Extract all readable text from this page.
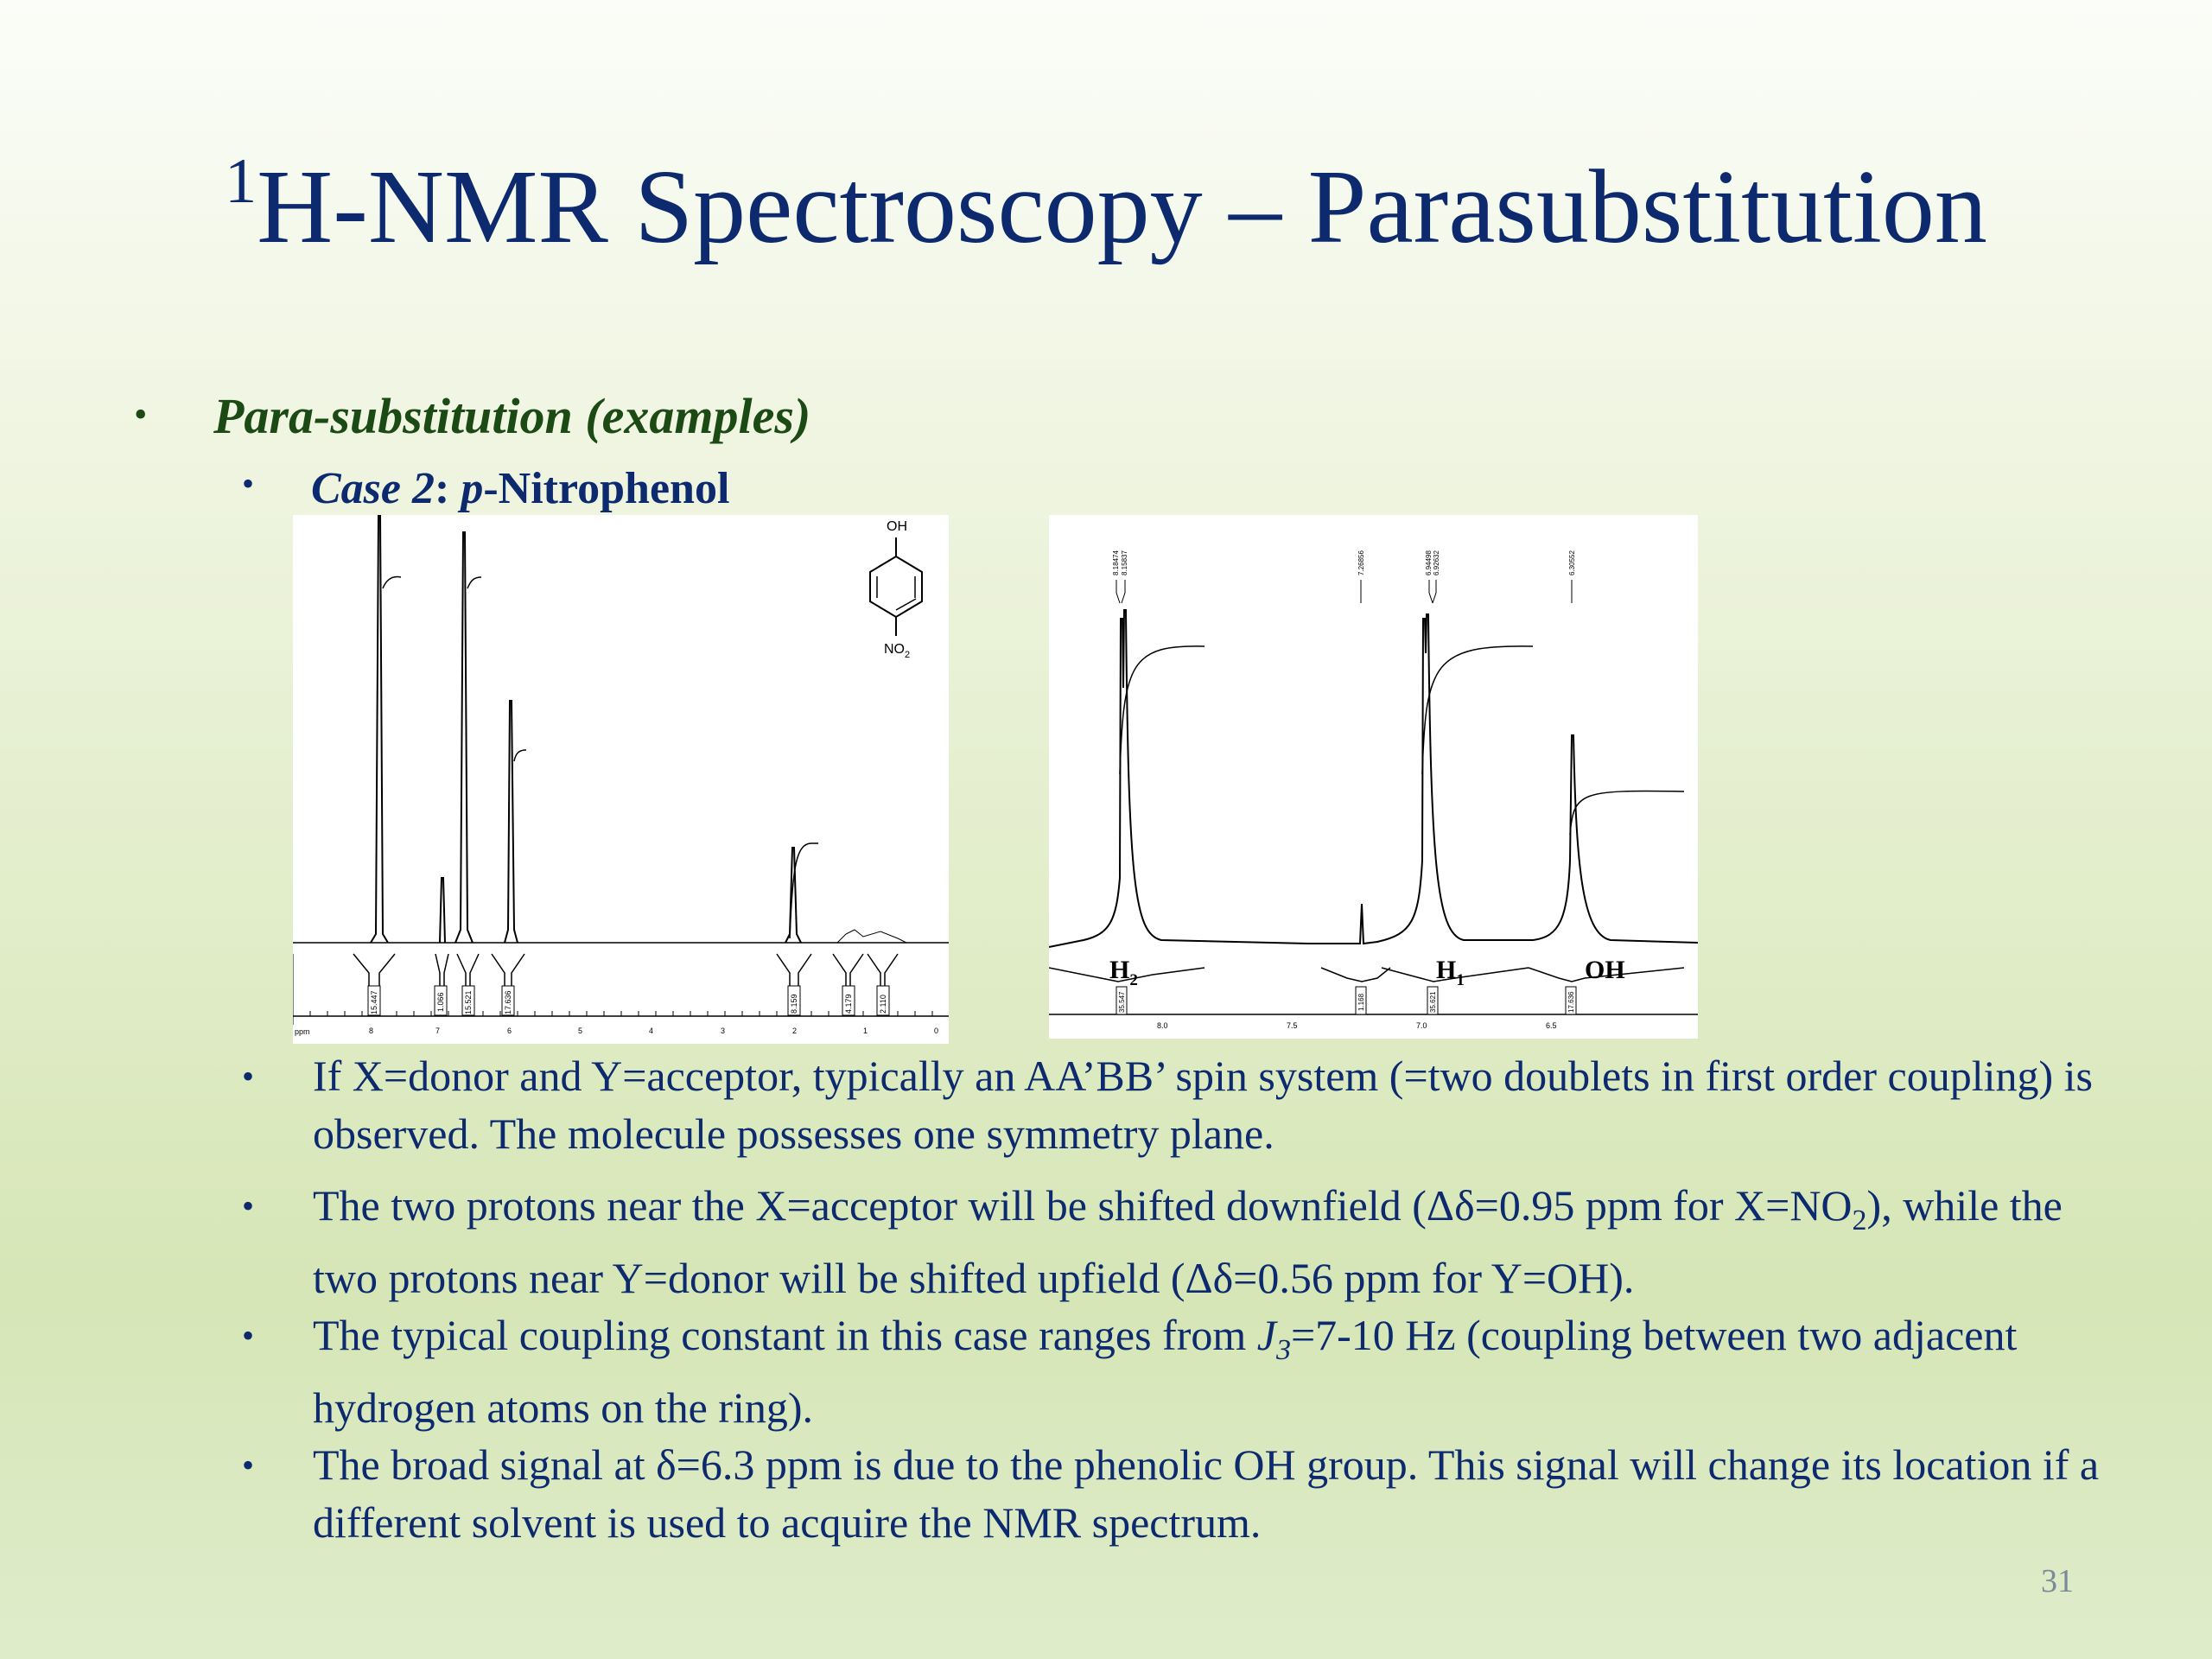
$^1$H-NMR Spectroscopy – Parasubstitution
• Para-substitution (examples)
• Case 2: p-Nitrophenol
15.447	1.066 15.521	17.636	8.159	4.179	2.110
ppm	8	7	6	5	4	3	2	1	0
OH
$NO_2$
8.18474 8.15837	7.26856	6.94498 6.92632	6.30552
35.547	1.168	35.621	17.636
8.0	7.5	7.0	6.5
$H_2$	$H_1$	OH
• If X=donor and Y=acceptor, typically an AA’BB’ spin system (=two doublets in first order coupling) is observed. The molecule possesses one symmetry plane.
• The two protons near the X=acceptor will be shifted downfield (Δδ=0.95 ppm for $X=NO_2$), while the two protons near Y=donor will be shifted upfield (Δδ=0.56 ppm for Y=OH).
• The typical coupling constant in this case ranges from $J_3=7-10$ Hz (coupling between two adjacent hydrogen atoms on the ring).
• The broad signal at δ=6.3 ppm is due to the phenolic OH group. This signal will change its location if a different solvent is used to acquire the NMR spectrum.
31
